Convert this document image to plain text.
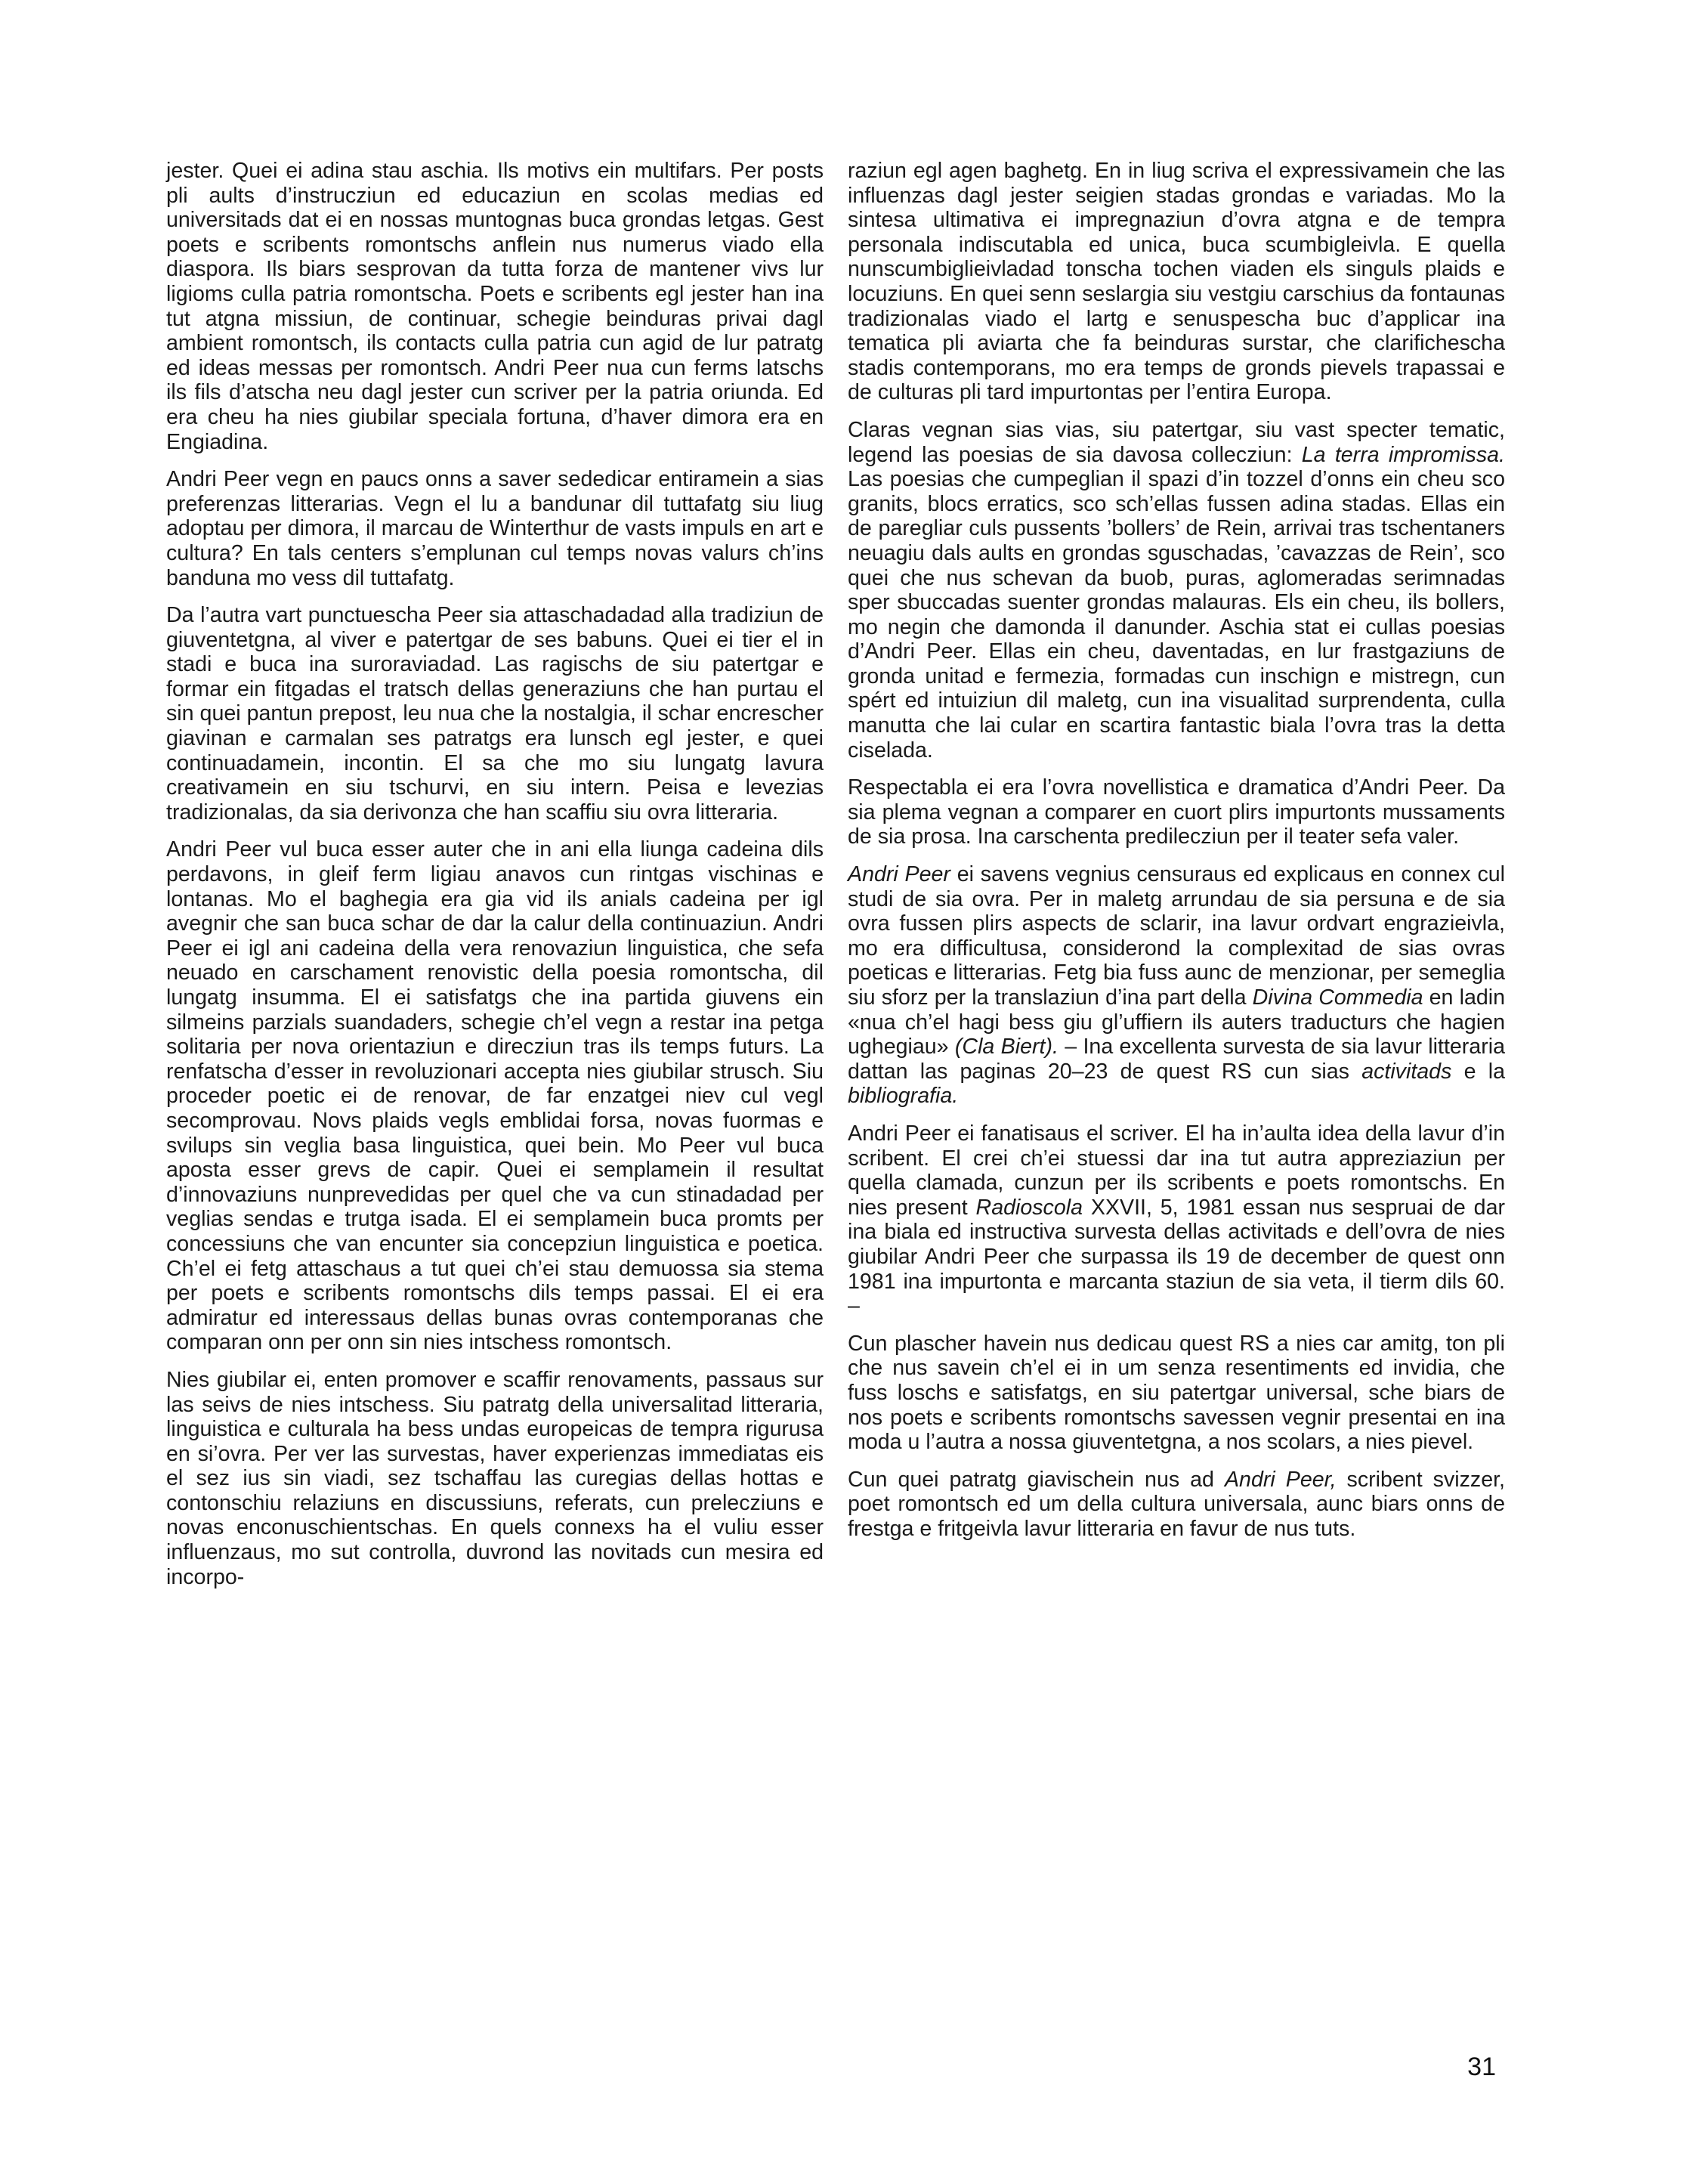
jester. Quei ei adina stau aschia. Ils motivs ein multifars. Per posts pli aults d’instrucziun ed educaziun en scolas medias ed universitads dat ei en nossas muntognas buca grondas letgas. Gest poets e scribents romontschs anflein nus numerus viado ella diaspora. Ils biars sesprovan da tutta forza de mantener vivs lur ligioms culla patria romontscha. Poets e scribents egl jester han ina tut atgna missiun, de continuar, schegie beinduras privai dagl ambient romontsch, ils contacts culla patria cun agid de lur patratg ed ideas messas per romontsch. Andri Peer nua cun ferms latschs ils fils d’atscha neu dagl jester cun scriver per la patria oriunda. Ed era cheu ha nies giubilar speciala fortuna, d’haver dimora era en Engiadina.

Andri Peer vegn en paucs onns a saver sededicar entiramein a sias preferenzas litterarias. Vegn el lu a bandunar dil tuttafatg siu liug adoptau per dimora, il marcau de Winterthur de vasts impuls en art e cultura? En tals centers s’emplunan cul temps novas valurs ch’ins banduna mo vess dil tuttafatg.

Da l’autra vart punctuescha Peer sia attaschadadad alla tradiziun de giuventetgna, al viver e patertgar de ses babuns. Quei ei tier el in stadi e buca ina suroraviadad. Las ragischs de siu patertgar e formar ein fitgadas el tratsch dellas generaziuns che han purtau el sin quei pantun prepost, leu nua che la nostalgia, il schar encrescher giavinan e carmalan ses patratgs era lunsch egl jester, e quei continuadamein, incontin. El sa che mo siu lungatg lavura creativamein en siu tschurvi, en siu intern. Peisa e levezias tradizionalas, da sia derivonza che han scaffiu siu ovra litteraria.

Andri Peer vul buca esser auter che in ani ella liunga cadeina dils perdavons, in gleif ferm ligiau anavos cun rintgas vischinas e lontanas. Mo el baghegia era gia vid ils anials cadeina per igl avegnir che san buca schar de dar la calur della continuaziun. Andri Peer ei igl ani cadeina della vera renovaziun linguistica, che sefa neuado en carschament renovistic della poesia romontscha, dil lungatg insumma. El ei satisfatgs che ina partida giuvens ein silmeins parzials suandaders, schegie ch’el vegn a restar ina petga solitaria per nova orientaziun e direcziun tras ils temps futurs. La renfatscha d’esser in revoluzionari accepta nies giubilar strusch. Siu proceder poetic ei de renovar, de far enzatgei niev cul vegl secomprovau. Novs plaids vegls emblidai forsa, novas fuormas e svilups sin veglia basa linguistica, quei bein. Mo Peer vul buca aposta esser grevs de capir. Quei ei semplamein il resultat d’innovaziuns nunprevedidas per quel che va cun stinadadad per veglias sendas e trutga isada. El ei semplamein buca promts per concessiuns che van encunter sia concepziun linguistica e poetica. Ch’el ei fetg attaschaus a tut quei ch’ei stau demuossa sia stema per poets e scribents romontschs dils temps passai. El ei era admiratur ed interessaus dellas bunas ovras contemporanas che comparan onn per onn sin nies intschess romontsch.

Nies giubilar ei, enten promover e scaffir renovaments, passaus sur las seivs de nies intschess. Siu patratg della universalitad litteraria, linguistica e culturala ha bess undas europeicas de tempra rigurusa en si’ovra. Per ver las survestas, haver experienzas immediatas eis el sez ius sin viadi, sez tschaffau las curegias dellas hottas e contonschiu relaziuns en discussiuns, referats, cun prelecziuns e novas enconuschientschas. En quels connexs ha el vuliu esser influenzaus, mo sut controlla, duvrond las novitads cun mesira ed incorpo-

raziun egl agen baghetg. En in liug scriva el expressivamein che las influenzas dagl jester seigien stadas grondas e variadas. Mo la sintesa ultimativa ei impregnaziun d’ovra atgna e de tempra personala indiscutabla ed unica, buca scumbigleivla. E quella nunscumbiglieivladad tonscha tochen viaden els singuls plaids e locuziuns. En quei senn seslargia siu vestgiu carschius da fontaunas tradizionalas viado el lartg e senuspescha buc d’applicar ina tematica pli aviarta che fa beinduras surstar, che clarifichescha stadis contemporans, mo era temps de gronds pievels trapassai e de culturas pli tard impurtontas per l’entira Europa.

Claras vegnan sias vias, siu patertgar, siu vast specter tematic, legend las poesias de sia davosa collecziun: La terra impromissa. Las poesias che cumpeglian il spazi d’in tozzel d’onns ein cheu sco granits, blocs erratics, sco sch’ellas fussen adina stadas. Ellas ein de paregliar culs pussents ’bollers’ de Rein, arrivai tras tschentaners neuagiu dals aults en grondas sguschadas, ’cavazzas de Rein’, sco quei che nus schevan da buob, puras, aglomeradas serimnadas sper sbuccadas suenter grondas malauras. Els ein cheu, ils bollers, mo negin che damonda il danunder. Aschia stat ei cullas poesias d’Andri Peer. Ellas ein cheu, daventadas, en lur frastgaziuns de gronda unitad e fermezia, formadas cun inschign e mistregn, cun spért ed intuiziun dil maletg, cun ina visualitad surprendenta, culla manutta che lai cular en scartira fantastic biala l’ovra tras la detta ciselada.

Respectabla ei era l’ovra novellistica e dramatica d’Andri Peer. Da sia plema vegnan a comparer en cuort plirs impurtonts mussaments de sia prosa. Ina carschenta predilecziun per il teater sefa valer.

Andri Peer ei savens vegnius censuraus ed explicaus en connex cul studi de sia ovra. Per in maletg arrundau de sia persuna e de sia ovra fussen plirs aspects de sclarir, ina lavur ordvart engrazieivla, mo era difficultusa, considerond la complexitad de sias ovras poeticas e litterarias. Fetg bia fuss aunc de menzionar, per semeglia siu sforz per la translaziun d’ina part della Divina Commedia en ladin «nua ch’el hagi bess giu gl’uffiern ils auters traducturs che hagien ughegiau» (Cla Biert). – Ina excellenta survesta de sia lavur litteraria dattan las paginas 20–23 de quest RS cun sias activitads e la bibliografia.

Andri Peer ei fanatisaus el scriver. El ha in’aulta idea della lavur d’in scribent. El crei ch’ei stuessi dar ina tut autra appreziaziun per quella clamada, cunzun per ils scribents e poets romontschs. En nies present Radioscola XXVII, 5, 1981 essan nus sespruai de dar ina biala ed instructiva survesta dellas activitads e dell’ovra de nies giubilar Andri Peer che surpassa ils 19 de december de quest onn 1981 ina impurtonta e marcanta staziun de sia veta, il tierm dils 60. –

Cun plascher havein nus dedicau quest RS a nies car amitg, ton pli che nus savein ch’el ei in um senza resentiments ed invidia, che fuss loschs e satisfatgs, en siu patertgar universal, sche biars de nos poets e scribents romontschs savessen vegnir presentai en ina moda u l’autra a nossa giuventetgna, a nos scolars, a nies pievel.

Cun quei patratg giavischein nus ad Andri Peer, scribent svizzer, poet romontsch ed um della cultura universala, aunc biars onns de frestga e fritgeivla lavur litteraria en favur de nus tuts.

31
